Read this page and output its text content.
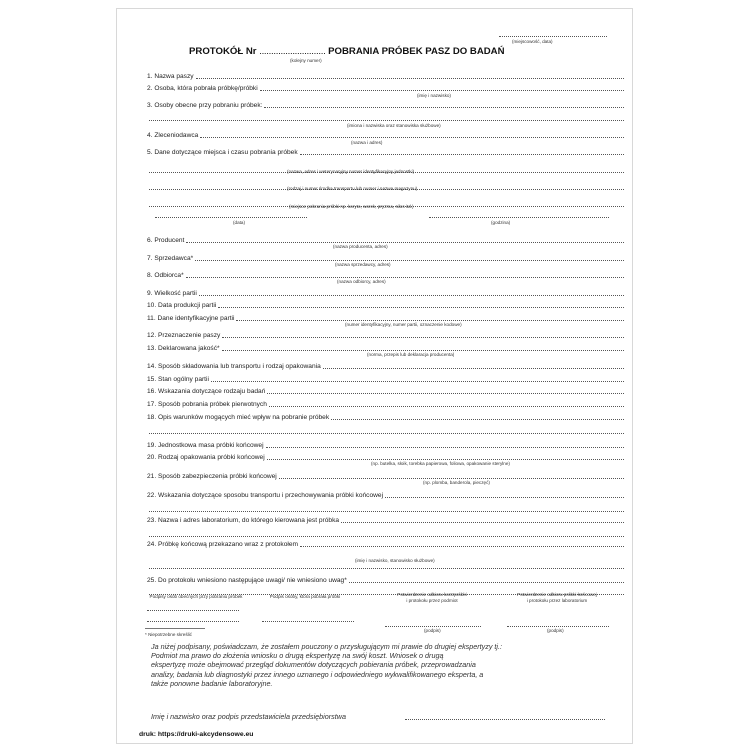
(miejscowość, data)
PROTOKÓŁ Nr ............................ POBRANIA PRÓBEK PASZ DO BADAŃ
(kolejny numer)
1. Nazwa paszy
2. Osoba, która pobrała próbkę/próbki
3. Osoby obecne przy pobraniu próbek:
4. Zleceniodawca
5. Dane dotyczące miejsca i czasu pobrania próbek
6. Producent
7. Sprzedawca*
8. Odbiorca*
9. Wielkość partii
10. Data produkcji partii
11. Dane identyfikacyjne partii
12. Przeznaczenie paszy
13. Deklarowana jakość*
14. Sposób składowania lub transportu i rodzaj opakowania
15. Stan ogólny partii
16. Wskazania dotyczące rodzaju badań
17. Sposób pobrania próbek pierwotnych
18. Opis warunków mogących mieć wpływ na pobranie próbek
19. Jednostkowa masa próbki końcowej
20. Rodzaj opakowania próbki końcowej
21. Sposób zabezpieczenia próbki końcowej
22. Wskazania dotyczące sposobu transportu i przechowywania próbki końcowej
23. Nazwa i adres laboratorium, do którego kierowana jest próbka
24. Próbkę końcową przekazano wraz z protokołem
25. Do protokołu wniesiono następujące uwagi/ nie wniesiono uwag*
(imię i nazwisko)
(imiona i nazwiska oraz stanowiska służbowe)
(nazwa i adres)
(nazwa, adres i weterynaryjny numer identyfikacyjny jednostki)
(rodzaj i numer środka transportu lub numer i nazwa magazynu)
(miejsce pobrania próbki np. koryto, worek, pryzma, silos itd.)
(data)	(godzina)
(nazwa producenta, adres)
(nazwa sprzedawcy, adres)
(nazwa odbiorcy, adres)
(numer identyfikacyjny, numer partii, oznaczenie kodowe)
(norma, przepis lub deklaracja producenta)
(np. butelka, słoik, torebka papierowa, foliowa, opakowanie sterylne)
(np. plomba, banderola, pieczęć)
(imię i nazwisko, stanowisko służbowe)
Podpisy osób obecnych przy pobraniu próbek	Podpis osoby, która pobrała próbki	Potwierdzenie odbioru kontrpróbki
i protokołu przez podmiot
Potwierdzenie odbioru próbki końcowej
i protokołu przez laboratorium
(podpis)	(podpis)
* Niepotrzebne skreślić
Ja niżej podpisany, poświadczam, że zostałem pouczony o przysługującym mi prawie do drugiej ekspertyzy tj.:
Podmiot ma prawo do złożenia wniosku o drugą ekspertyzę na swój koszt. Wniosek o drugą
ekspertyzę może obejmować przegląd dokumentów dotyczących pobierania próbek, przeprowadzania
analizy, badania lub diagnostyki przez innego uznanego i odpowiedniego wykwalifikowanego eksperta, a
także ponowne badanie laboratoryjne.
Imię i nazwisko oraz podpis przedstawiciela przedsiębiorstwa
druk: https://druki-akcydensowe.eu
